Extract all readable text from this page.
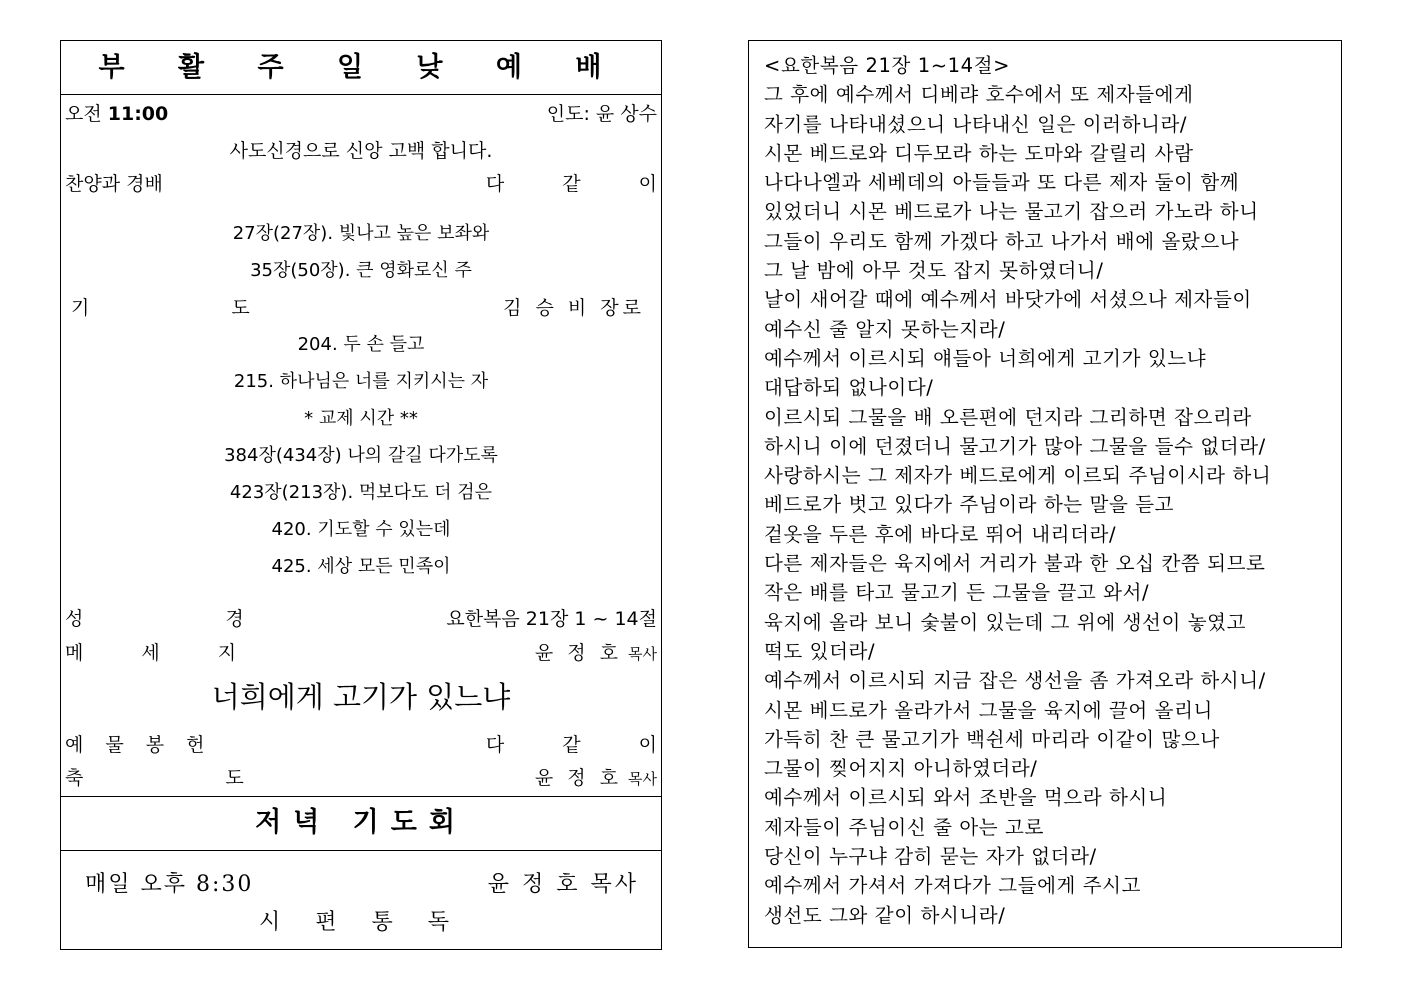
부 활 주 일 낮 예 배
오전 11:00	인도: 윤 상수
사도신경으로 신앙 고백 합니다.
찬양과 경배	다 같 이
27장(27장). 빛나고 높은 보좌와
35장(50장). 큰 영화로신 주
기 도	김 승 비 장로
204. 두 손 들고
215. 하나님은 너를 지키시는 자
* 교제 시간 **
384장(434장) 나의 갈길 다가도록
423장(213장). 먹보다도 더 검은
420. 기도할 수 있는데
425. 세상 모든 민족이
성 경	요한복음 21장 1 ~ 14절
메 세 지	윤 정 호 목사
너희에게 고기가 있느냐
예 물 봉 헌	다 같 이
축 도	윤 정 호 목사
저녁 기도회
매일 오후 8:30	윤 정 호 목사
시 편 통 독
<요한복음 21장 1~14절>
그 후에 예수께서 디베랴 호수에서 또 제자들에게
자기를 나타내셨으니 나타내신 일은 이러하니라/
시몬 베드로와 디두모라 하는 도마와 갈릴리 사람
나다나엘과 세베데의 아들들과 또 다른 제자 둘이 함께
있었더니 시몬 베드로가 나는 물고기 잡으러 가노라 하니
그들이 우리도 함께 가겠다 하고 나가서 배에 올랐으나
그 날 밤에 아무 것도 잡지 못하였더니/
날이 새어갈 때에 예수께서 바닷가에 서셨으나 제자들이
예수신 줄 알지 못하는지라/
예수께서 이르시되 얘들아 너희에게 고기가 있느냐
대답하되 없나이다/
이르시되 그물을 배 오른편에 던지라 그리하면 잡으리라
하시니 이에 던졌더니 물고기가 많아 그물을 들수 없더라/
사랑하시는 그 제자가 베드로에게 이르되 주님이시라 하니
베드로가 벗고 있다가 주님이라 하는 말을 듣고
겉옷을 두른 후에 바다로 뛰어 내리더라/
다른 제자들은 육지에서 거리가 불과 한 오십 칸쯤 되므로
작은 배를 타고 물고기 든 그물을 끌고 와서/
육지에 올라 보니 숯불이 있는데 그 위에 생선이 놓였고
떡도 있더라/
예수께서 이르시되 지금 잡은 생선을 좀 가져오라 하시니/
시몬 베드로가 올라가서 그물을 육지에 끌어 올리니
가득히 찬 큰 물고기가 백쉰세 마리라 이같이 많으나
그물이 찢어지지 아니하였더라/
예수께서 이르시되 와서 조반을 먹으라 하시니
제자들이 주님이신 줄 아는 고로
당신이 누구냐 감히 묻는 자가 없더라/
예수께서 가셔서 가져다가 그들에게 주시고
생선도 그와 같이 하시니라/
